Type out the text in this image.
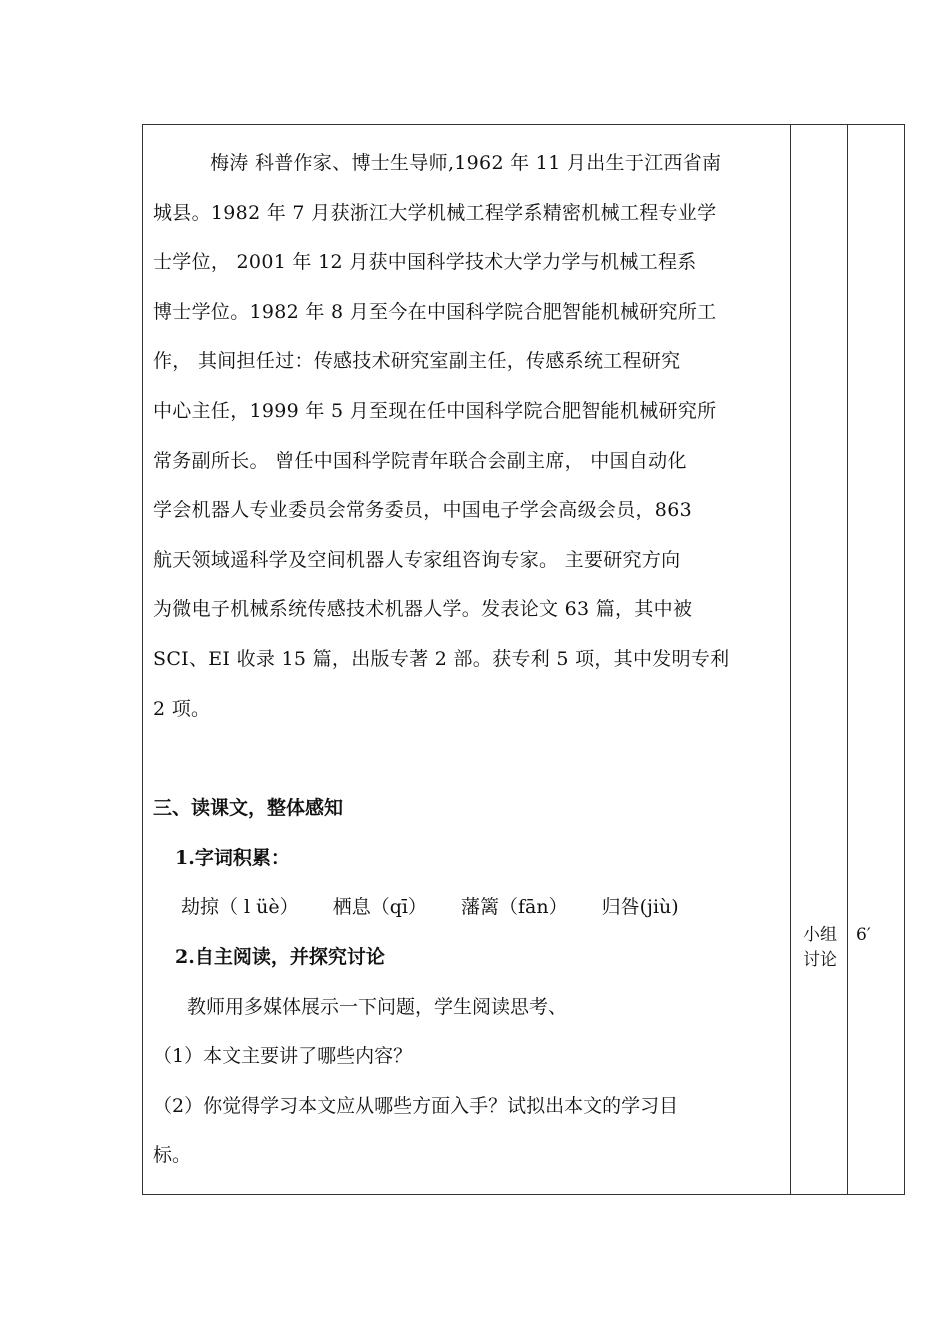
梅涛 科普作家、博士生导师,1962 年 11 月出生于江西省南

城县。1982 年 7 月获浙江大学机械工程学系精密机械工程专业学

士学位， 2001 年 12 月获中国科学技术大学力学与机械工程系

博士学位。1982 年 8 月至今在中国科学院合肥智能机械研究所工

作， 其间担任过：传感技术研究室副主任，传感系统工程研究

中心主任，1999 年 5 月至现在任中国科学院合肥智能机械研究所

常务副所长。 曾任中国科学院青年联合会副主席， 中国自动化

学会机器人专业委员会常务委员，中国电子学会高级会员，863

航天领域遥科学及空间机器人专家组咨询专家。 主要研究方向

为微电子机械系统传感技术机器人学。发表论文 63 篇，其中被

SCI、EI 收录 15 篇，出版专著 2 部。获专利 5 项，其中发明专利

2 项。

三、读课文，整体感知

1.字词积累：

劫掠（ l üè） 栖息（qī） 藩篱（fān） 归咎(jiù)

2.自主阅读，并探究讨论

教师用多媒体展示一下问题，学生阅读思考、

（1）本文主要讲了哪些内容？

（2）你觉得学习本文应从哪些方面入手？试拟出本文的学习目

标。

小组
讨论
6′
